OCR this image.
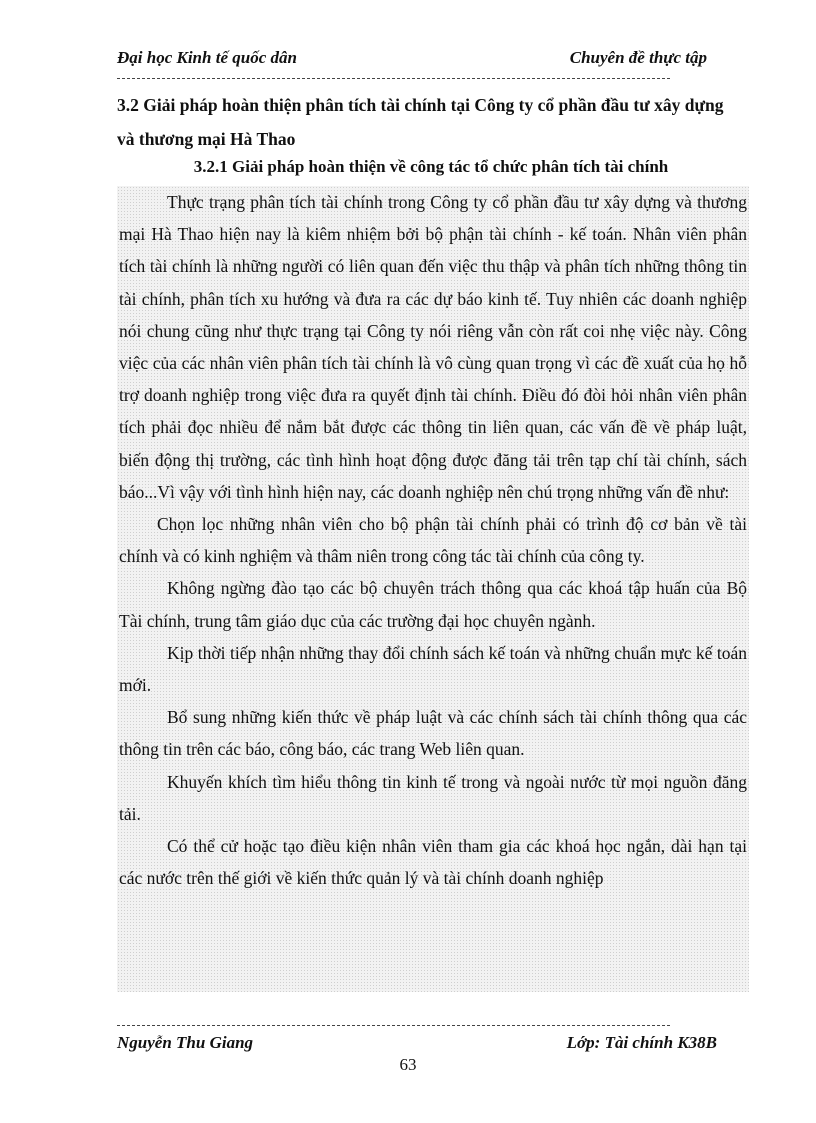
Đại học Kinh tế quốc dân	Chuyên đề thực tập
3.2 Giải pháp hoàn thiện phân tích tài chính tại Công ty cổ phần đầu tư xây dựng và thương mại Hà Thao
3.2.1 Giải pháp hoàn thiện về công tác tổ chức phân tích tài chính

Thực trạng phân tích tài chính trong Công ty cổ phần đầu tư xây dựng và thương mại Hà Thao hiện nay là kiêm nhiệm bởi bộ phận tài chính - kế toán. Nhân viên phân tích tài chính là những người có liên quan đến việc thu thập và phân tích những thông tin tài chính, phân tích xu hướng và đưa ra các dự báo kinh tế. Tuy nhiên các doanh nghiệp nói chung cũng như thực trạng tại Công ty nói riêng vẫn còn rất coi nhẹ việc này. Công việc của các nhân viên phân tích tài chính là vô cùng quan trọng vì các đề xuất của họ hỗ trợ doanh nghiệp trong việc đưa ra quyết định tài chính. Điều đó đòi hỏi nhân viên phân tích phải đọc nhiều để nắm bắt được các thông tin liên quan, các vấn đề về pháp luật, biến động thị trường, các tình hình hoạt động được đăng tải trên tạp chí tài chính, sách báo...Vì vậy với tình hình hiện nay, các doanh nghiệp nên chú trọng những vấn đề như:

Chọn lọc những nhân viên cho bộ phận tài chính phải có trình độ cơ bản về tài chính và có kinh nghiệm và thâm niên trong công tác tài chính của công ty.

Không ngừng đào tạo các bộ chuyên trách thông qua các khoá tập huấn của Bộ Tài chính, trung tâm giáo dục của các trường đại học chuyên ngành.

Kịp thời tiếp nhận những thay đổi chính sách kế toán và những chuẩn mực kế toán mới.

Bổ sung những kiến thức về pháp luật và các chính sách tài chính thông qua các thông tin trên các báo, công báo, các trang Web liên quan.

Khuyến khích tìm hiểu thông tin kinh tế trong và ngoài nước từ mọi nguồn đăng tải.

Có thể cử hoặc tạo điều kiện nhân viên tham gia các khoá học ngắn, dài hạn tại các nước trên thế giới về kiến thức quản lý và tài chính doanh nghiệp

Nguyễn Thu Giang	Lớp: Tài chính K38B
63
